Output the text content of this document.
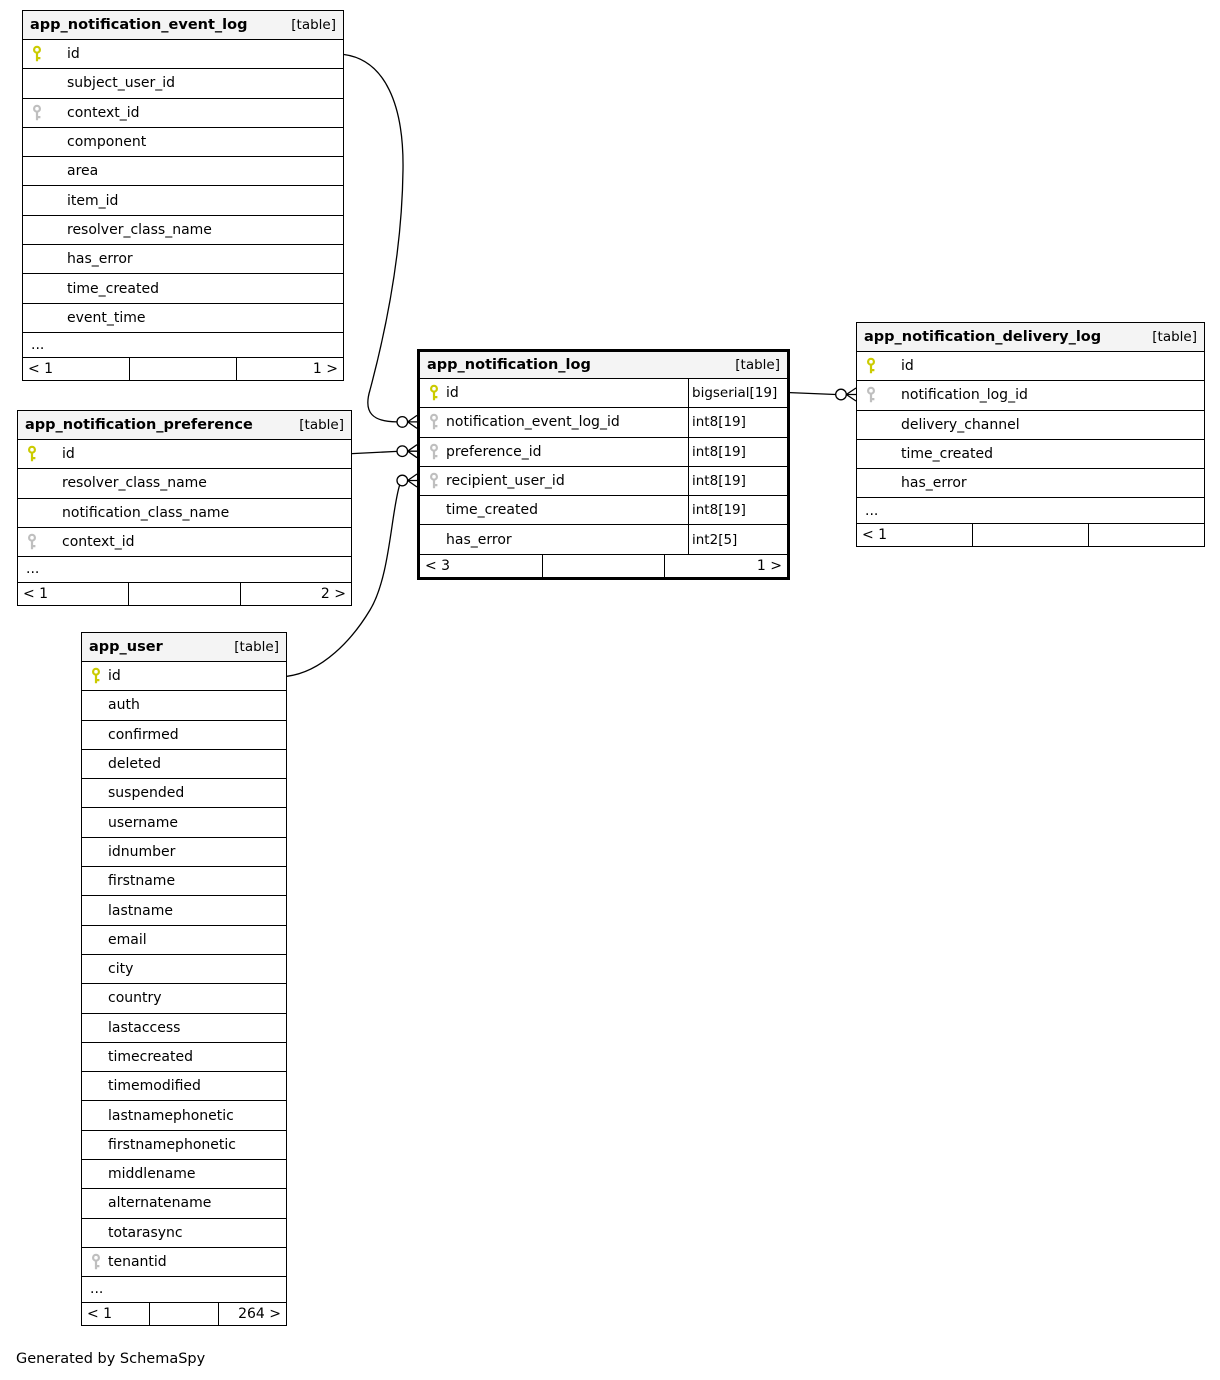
app_notification_event_log	[table]
id
subject_user_id
context_id
component
area
item_id
resolver_class_name
has_error
time_created
event_time
...
< 1	1 >
app_notification_preference	[table]
id
resolver_class_name
notification_class_name
context_id
...
< 1	2 >
app_user	[table]
id
auth
confirmed
deleted
suspended
username
idnumber
firstname
lastname
email
city
country
lastaccess
timecreated
timemodified
lastnamephonetic
firstnamephonetic
middlename
alternatename
totarasync
tenantid
...
< 1	264 >
app_notification_log	[table]
id	bigserial[19]
notification_event_log_id	int8[19]
preference_id	int8[19]
recipient_user_id	int8[19]
time_created	int8[19]
has_error	int2[5]
< 3	1 >
app_notification_delivery_log	[table]
id
notification_log_id
delivery_channel
time_created
has_error
...
< 1
Generated by SchemaSpy
